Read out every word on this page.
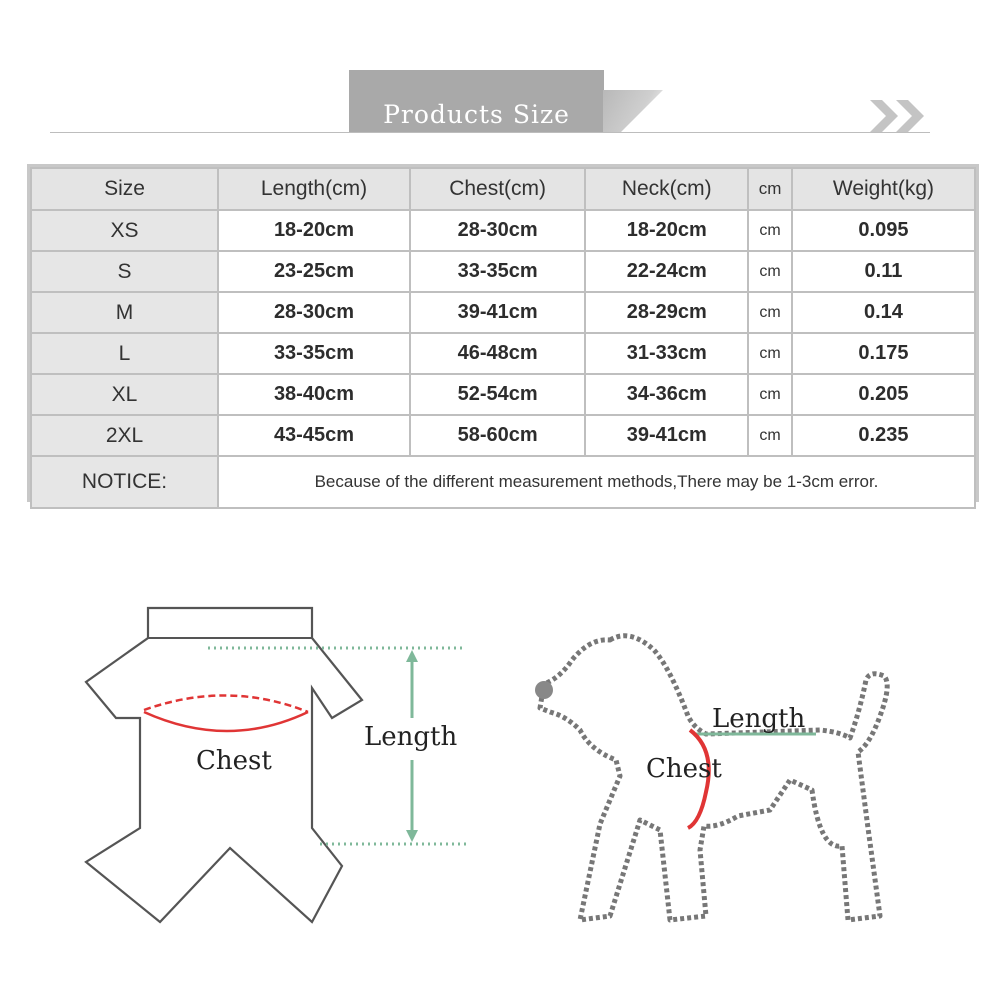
Products Size
Size	Length(cm)	Chest(cm)	Neck(cm)	cm	Weight(kg)
XS	18-20cm	28-30cm	18-20cm	cm	0.095
S	23-25cm	33-35cm	22-24cm	cm	0.11
M	28-30cm	39-41cm	28-29cm	cm	0.14
L	33-35cm	46-48cm	31-33cm	cm	0.175
XL	38-40cm	52-54cm	34-36cm	cm	0.205
2XL	43-45cm	58-60cm	39-41cm	cm	0.235
NOTICE:	Because of the different measurement methods,There may be 1-3cm error.				
Chest
Length
Length
Chest
